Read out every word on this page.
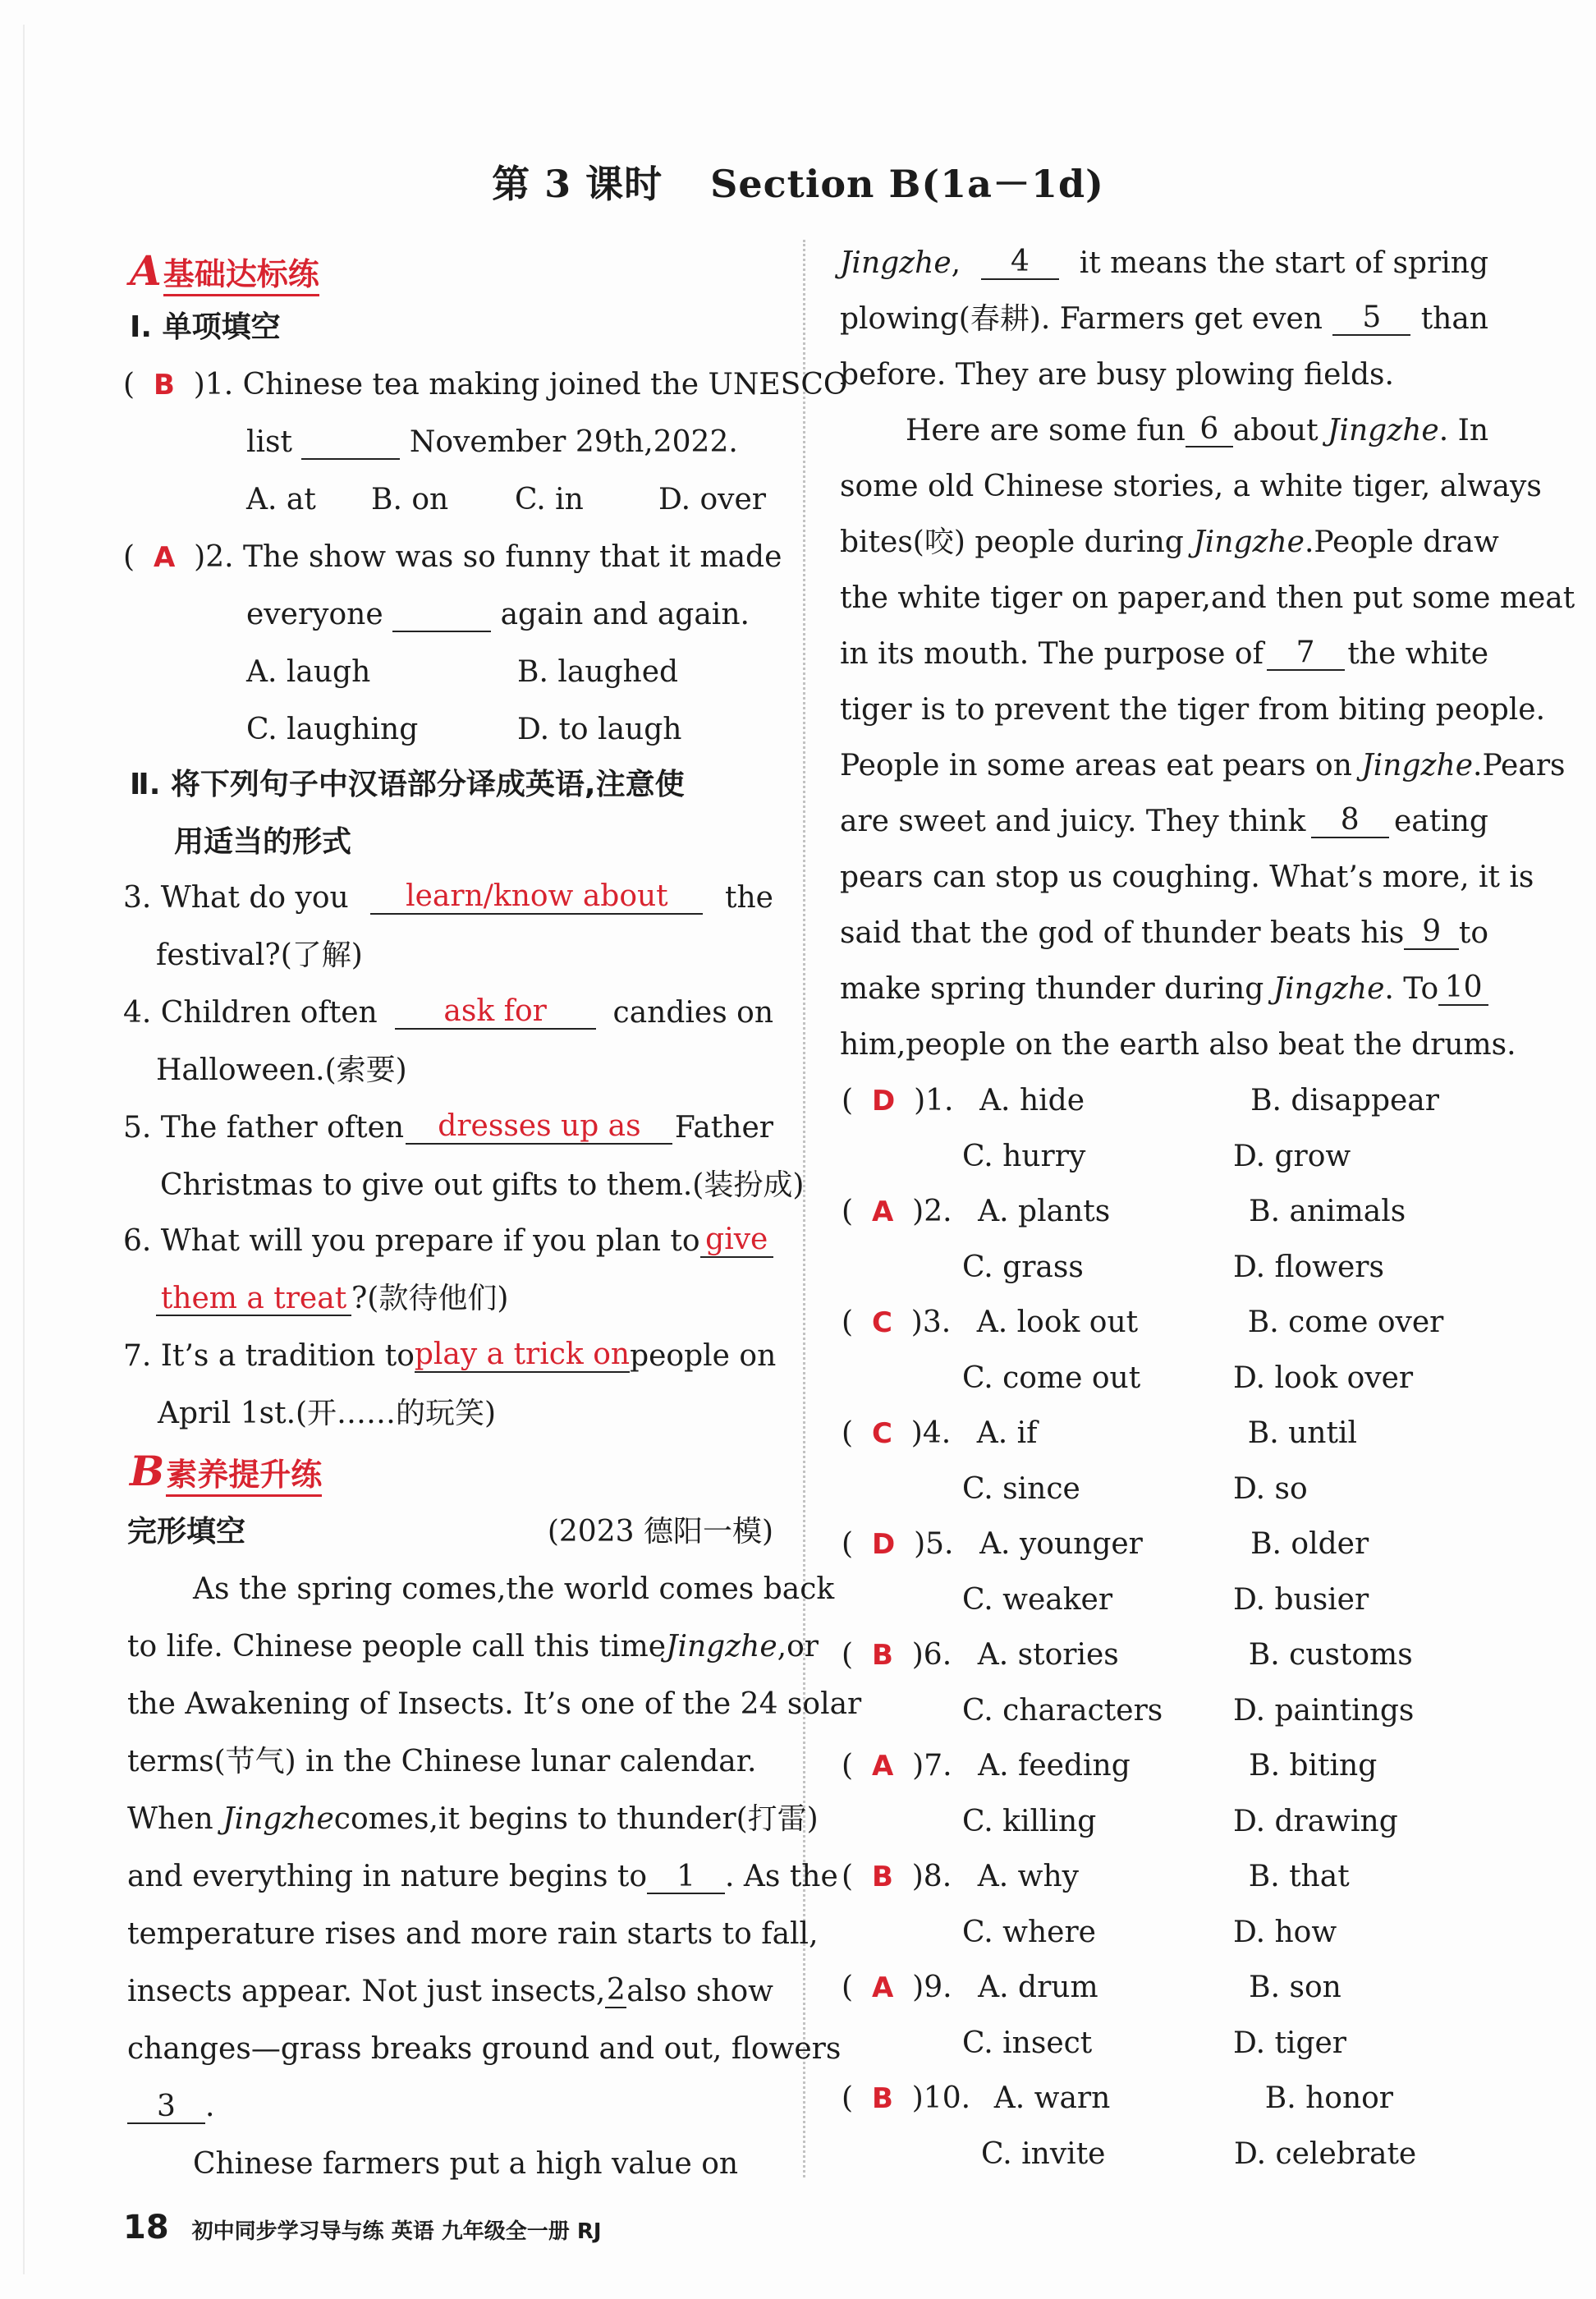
第 3 课时 Section B(1a－1d)
A 基础达标练
Ⅰ. 单项填空
(  B )1. Chinese tea making joined the UNESCO
list	November 29th,2022.
A. at B. on C. in	D. over
(  A )2. The show was so funny that it made
everyone	again and again.
A. laugh	B. laughed
C. laughing	D. to laugh
Ⅱ. 将下列句子中汉语部分译成英语,注意使
用适当的形式
3. What do you	learn/know about	the
festival?(了解)
4. Children often	ask for	candies on
Halloween.(索要)
5. The father often	dresses up as	Father
Christmas to give out gifts to them.(装扮成)
6. What will you prepare if you plan to give
them a treat ?(款待他们)
7. It’s a tradition to play a trick on people on
April 1st.(开……的玩笑)
B 素养提升练
完形填空	(2023 德阳一模)
As the spring comes,the world comes back
to life. Chinese people call this time Jingzhe,or
the Awakening of Insects. It’s one of the 24 solar
terms(节气) in the Chinese lunar calendar.
When Jingzhe comes,it begins to thunder(打雷)
and everything in nature begins to	1 . As the
temperature rises and more rain starts to fall,
insects appear. Not just insects, 2 also show
changes—grass breaks ground and out, flowers
3 .
Chinese farmers put a high value on
Jingzhe,	4	it means the start of spring
plowing(春耕). Farmers get even	5	than
before. They are busy plowing fields.
Here are some fun 6 about Jingzhe. In
some old Chinese stories, a white tiger, always
bites(咬) people during Jingzhe. People draw
the white tiger on paper,and then put some meat
in its mouth. The purpose of	7	the white
tiger is to prevent the tiger from biting people.
People in some areas eat pears on Jingzhe. Pears
are sweet and juicy. They think	8	eating
pears can stop us coughing. What’s more, it is
said that the god of thunder beats his 9 to
make spring thunder during Jingzhe. To 10
him,people on the earth also beat the drums.
(  D )1. A. hide	B. disappear
C. hurry	D. grow
(  A )2. A. plants	B. animals
C. grass	D. flowers
(  C )3. A. look out	B. come over
C. come out	D. look over
(  C )4. A. if	B. until
C. since	D. so
(  D )5. A. younger	B. older
C. weaker	D. busier
(  B )6. A. stories	B. customs
C. characters D. paintings
(  A )7. A. feeding	B. biting
C. killing	D. drawing
(  B )8. A. why	B. that
C. where	D. how
(  A )9. A. drum	B. son
C. insect	D. tiger
(  B )10. A. warn	B. honor
C. invite	D. celebrate
18 初中同步学习导与练 英语 九年级全一册 RJ
